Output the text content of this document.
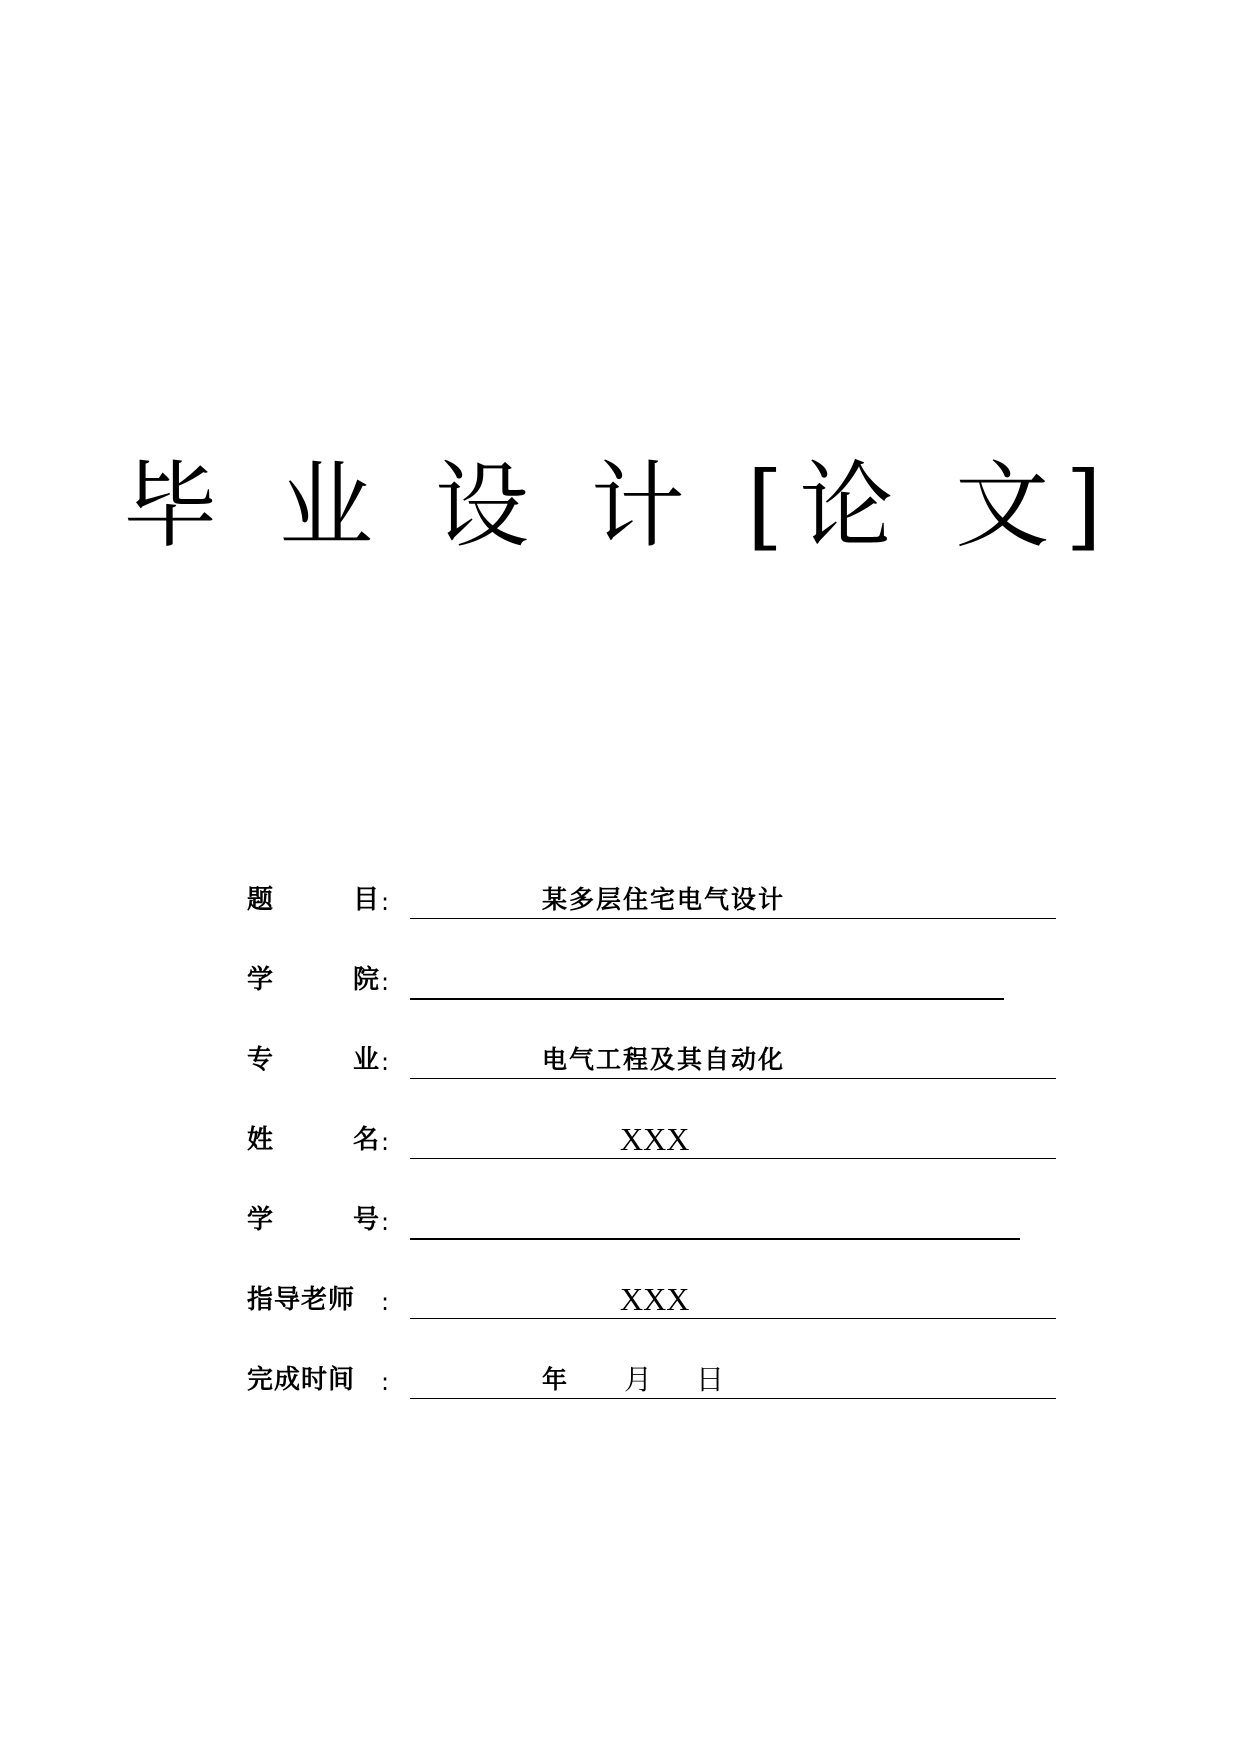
毕 业 设 计 [论 文]
题	目 :	某多层住宅电气设计
学	院 :
专	业 :	电气工程及其自动化
姓	名 :	XXX
学	号 :
指导老师 :	XXX
完成时间 :	年 月 日
